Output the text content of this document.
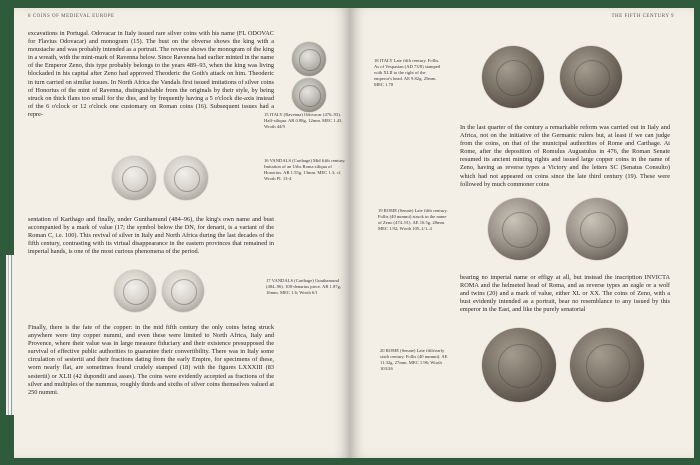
8 COINS OF MEDIEVAL EUROPE

excavations in Portugal. Odovacar in Italy issued rare silver coins with his name (FL ODOVAC for Flavius Odovacar) and monogram (15). The bust on the obverse shows the king with a moustache and was probably intended as a portrait. The reverse shows the monogram of the king in a wreath, with the mint-mark of Ravenna below. Since Ravenna had earlier minted in the name of the Emperor Zeno, this type probably belongs to the years 489–93, when the king was living blockaded in his capital after Zeno had approved Theoderic the Goth's attack on him. Theoderic in turn carried on similar issues. In North Africa the Vandals first issued imitations of silver coins of Honorius of the mint of Ravenna, distinguishable from the originals by their style, by being struck on thick flans too small for the dies, and by frequently having a 5 o'clock die-axis instead of the 6 o'clock or 12 o'clock one customary on Roman coins (16). Subsequent issues had a repre-	15 ITALY (Ravenna) Odovacar (476–93). Half-siliqua. AR 0.88g, 12mm. MEC 1.43. Wroth 44/9

16 VANDALS (Carthage) Mid fifth century. Imitation of an Urbs Roma siliqua of Honorius. AR 1.55g, 13mm. MEC 1.3; cf. Wroth Pl. 13-4

sentation of Karthago and finally, under Gunthamund (484–96), the king's own name and bust accompanied by a mark of value (17; the symbol below the DN, for denarii, is a variant of the Roman C, i.e. 100). This revival of silver in Italy and North Africa during the last decades of the fifth century, contrasting with its virtual disappearance in the eastern provinces that remained in imperial hands, is one of the most curious phenomena of the period.

17 VANDALS (Carthage) Gunthamund (484–96). 100-denarius piece. AR 1.87g, 16mm. MEC 1.6; Wroth 6/1

Finally, there is the fate of the copper: in the mid fifth century the only coins being struck anywhere were tiny copper nummi, and even these were limited to North Africa, Italy and Provence, where their value was in large measure fiduciary and their existence presupposed the survival of effective public authorities to guarantee their convertibility. There was in Italy some circulation of sestertii and their fractions dating from the early Empire, for specimens of these, worn nearly flat, are sometimes found crudely stamped (18) with the figures LXXXIII (83 sestertii) or XLII (42 dupondii and asses). The coins were evidently accepted as fractions of the silver and multiples of the nummus, roughly thirds and sixths of silver coins themselves valued at 250 nummi.

THE FIFTH CENTURY 9

18 ITALY Late fifth century. Follis. As of Vespasian (AD 73/8) stamped with XLII to the right of the emperor's head. AE 9.82g, 25mm. MEC 1.78

In the last quarter of the century a remarkable reform was carried out in Italy and Africa, not on the initiative of the Germanic rulers but, at least if we can judge from the coins, on that of the municipal authorities of Rome and Carthage. At Rome, after the deposition of Romulus Augustulus in 476, the Roman Senate resumed its ancient minting rights and issued large copper coins in the name of Zeno, having as reverse types a Victory and the letters SC (Senatus Consulto) which had not appeared on coins since the late third century (19). These were followed by much commoner coins

19 ROME (Senate) Late fifth century. Follis (40 nummi) struck in the name of Zeno (474–91). AE 16.5g, 28mm. MEC 1.92; Wroth 105–1/1–4

bearing no imperial name or effigy at all, but instead the inscription INVICTA ROMA and the helmeted head of Roma, and as reverse types an eagle or a wolf and twins (20) and a mark of value, either XL or XX. The coins of Zeno, with a bust evidently intended as a portrait, bear no resemblance to any issued by this emperor in the East, and like the purely senatorial

20 ROME (Senate) Late fifth/early sixth century. Follis (40 nummi). AE 11.32g, 27mm. MEC 1.96; Wroth 103/26
